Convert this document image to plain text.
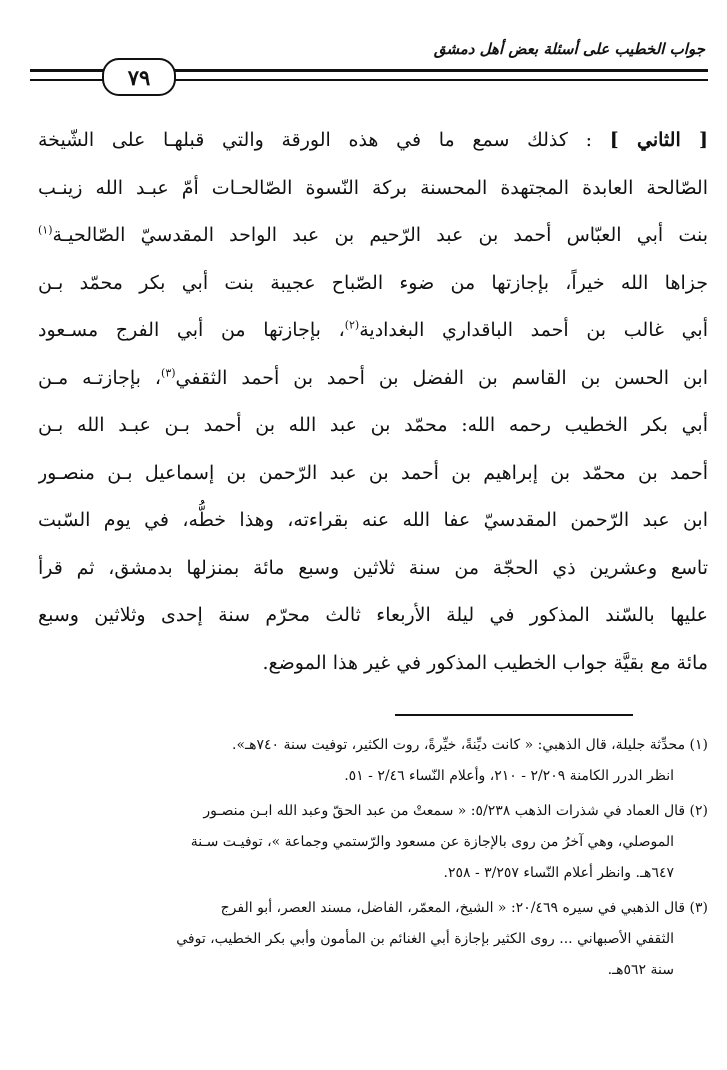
جواب الخطيب على أسئلة بعض أهل دمشق
٧٩
[ الثاني ] : كذلك سمع ما في هذه الورقة والتي قبلهـا على الشّيخة
الصّالحة العابدة المجتهدة المحسنة بركة النّسوة الصّالحـات أمّ عبـد الله زينـب
بنت أبي العبّاس أحمد بن عبد الرّحيم بن عبد الواحد المقدسيّ الصّالحيـة$^{(١)}$
جزاها الله خيراً، بإجازتها من ضوء الصّباح عجيبة بنت أبي بكر محمّد بـن
أبي غالب بن أحمد الباقداري البغدادية$^{(٢)}$، بإجازتها من أبي الفرج مسـعود
ابن الحسن بن القاسم بن الفضل بن أحمد بن أحمد الثقفي$^{(٣)}$، بإجازتـه مـن
أبي بكر الخطيب رحمه الله: محمّد بن عبد الله بن أحمد بـن عبـد الله بـن
أحمد بن محمّد بن إبراهيم بن أحمد بن عبد الرّحمن بن إسماعيل بـن منصـور
ابن عبد الرّحمن المقدسيّ عفا الله عنه بقراءته، وهذا خطُّه، في يوم السّبت
تاسع وعشرين ذي الحجّة من سنة ثلاثين وسبع مائة بمنزلها بدمشق، ثم قرأ
عليها بالسّند المذكور في ليلة الأربعاء ثالث محرّم سنة إحدى وثلاثين وسبع
مائة مع بقيَّة جواب الخطيب المذكور في غير هذا الموضع.
(١) محدِّثة جليلة، قال الذهبي: « كانت ديِّنةً، خيِّرةً، روت الكثير، توفيت سنة ٧٤٠هـ».
انظر الدرر الكامنة ٢/٢٠٩ - ٢١٠، وأعلام النّساء ٢/٤٦ - ٥١.
(٢) قال العماد في شذرات الذهب ٥/٢٣٨: « سمعتْ من عبد الحقّ وعبد الله ابـن منصـور
الموصلي، وهي آخرُ من روى بالإجازة عن مسعود والرّستمي وجماعة »، توفيـت سـنة
٦٤٧هـ. وانظر أعلام النّساء ٣/٢٥٧ - ٢٥٨.
(٣) قال الذهبي في سيره ٢٠/٤٦٩: « الشيخ، المعمّر، الفاضل، مسند العصر، أبو الفرج
الثقفي الأصبهاني ... روى الكثير بإجازة أبي الغنائم بن المأمون وأبي بكر الخطيب، توفي
سنة ٥٦٢هـ.
